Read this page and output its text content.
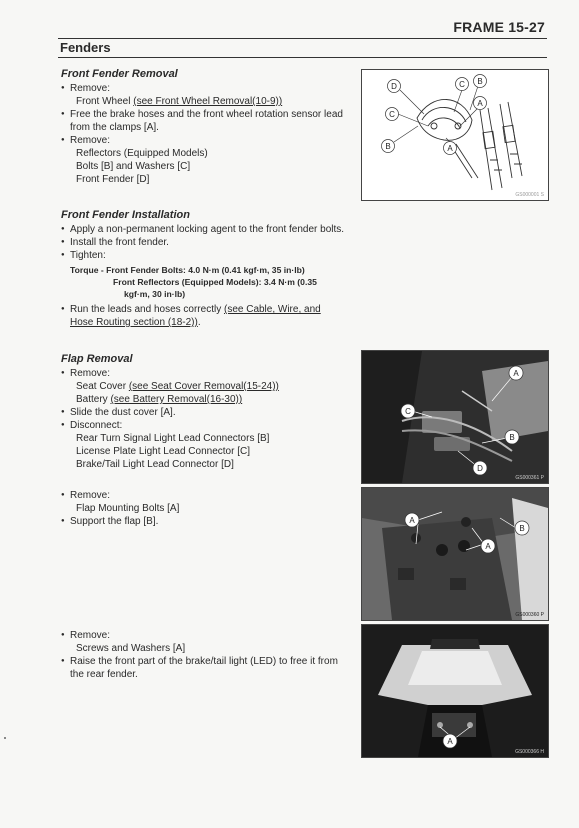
FRAME 15-27
Fenders
Front Fender Removal
● Remove:
Front Wheel (see Front Wheel Removal(10-9))
● Free the brake hoses and the front wheel rotation sensor lead from the clamps [A].
● Remove:
Reflectors (Equipped Models)
Bolts [B] and Washers [C]
Front Fender [D]
Front Fender Installation
● Apply a non-permanent locking agent to the front fender bolts.
● Install the front fender.
● Tighten:
Torque - Front Fender Bolts: 4.0 N·m (0.41 kgf·m, 35 in·lb)
Front Reflectors (Equipped Models): 3.4 N·m (0.35
kgf·m, 30 in·lb)
● Run the leads and hoses correctly (see Cable, Wire, and
Hose Routing section (18-2)).
Flap Removal
● Remove:
Seat Cover (see Seat Cover Removal(15-24))
Battery (see Battery Removal(16-30))
● Slide the dust cover [A].
● Disconnect:
Rear Turn Signal Light Lead Connectors [B]
License Plate Light Lead Connector [C]
Brake/Tail Light Lead Connector [D]
● Remove:
Flap Mounting Bolts [A]
● Support the flap [B].
● Remove:
Screws and Washers [A]
● Raise the front part of the brake/tail light (LED) to free it from the rear fender.
D	C B
C
A
B	A
GS000001 S
A
C
B
D
GS000361 P
A
B
A
GS000360 P
A
GS000366 H
